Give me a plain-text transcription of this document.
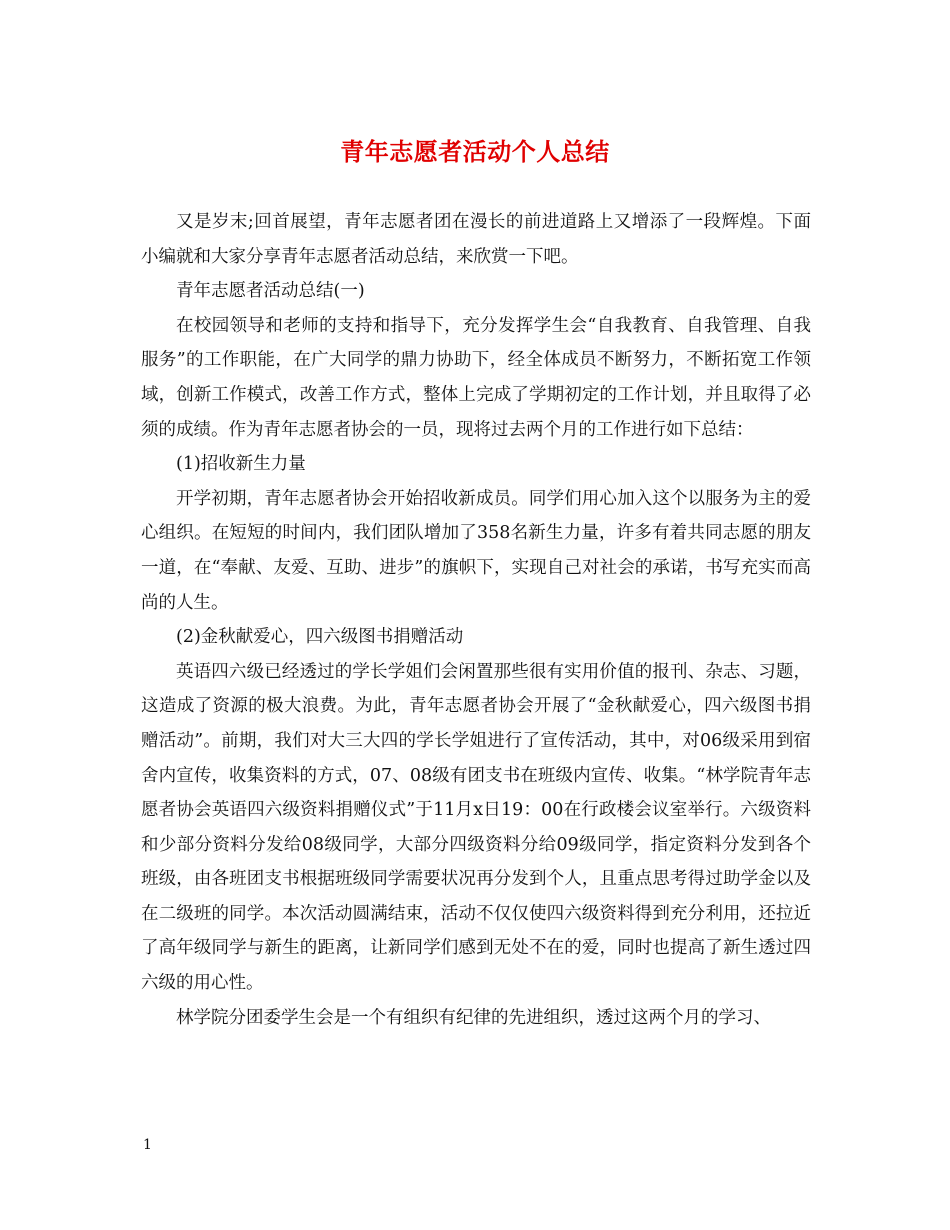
青年志愿者活动个人总结

又是岁末;回首展望，青年志愿者团在漫长的前进道路上又增添了一段辉煌。下面小编就和大家分享青年志愿者活动总结，来欣赏一下吧。

青年志愿者活动总结(一)

在校园领导和老师的支持和指导下，充分发挥学生会“自我教育、自我管理、自我服务”的工作职能，在广大同学的鼎力协助下，经全体成员不断努力，不断拓宽工作领域，创新工作模式，改善工作方式，整体上完成了学期初定的工作计划，并且取得了必须的成绩。作为青年志愿者协会的一员，现将过去两个月的工作进行如下总结：

(1)招收新生力量

开学初期，青年志愿者协会开始招收新成员。同学们用心加入这个以服务为主的爱心组织。在短短的时间内，我们团队增加了358名新生力量，许多有着共同志愿的朋友一道，在“奉献、友爱、互助、进步”的旗帜下，实现自己对社会的承诺，书写充实而高尚的人生。

(2)金秋献爱心，四六级图书捐赠活动

英语四六级已经透过的学长学姐们会闲置那些很有实用价值的报刊、杂志、习题，这造成了资源的极大浪费。为此，青年志愿者协会开展了“金秋献爱心，四六级图书捐赠活动”。前期，我们对大三大四的学长学姐进行了宣传活动，其中，对06级采用到宿舍内宣传，收集资料的方式，07、08级有团支书在班级内宣传、收集。“林学院青年志愿者协会英语四六级资料捐赠仪式”于11月x日19：00在行政楼会议室举行。六级资料和少部分资料分发给08级同学，大部分四级资料分给09级同学，指定资料分发到各个班级，由各班团支书根据班级同学需要状况再分发到个人，且重点思考得过助学金以及在二级班的同学。本次活动圆满结束，活动不仅仅使四六级资料得到充分利用，还拉近了高年级同学与新生的距离，让新同学们感到无处不在的爱，同时也提高了新生透过四六级的用心性。

林学院分团委学生会是一个有组织有纪律的先进组织，透过这两个月的学习、

1
